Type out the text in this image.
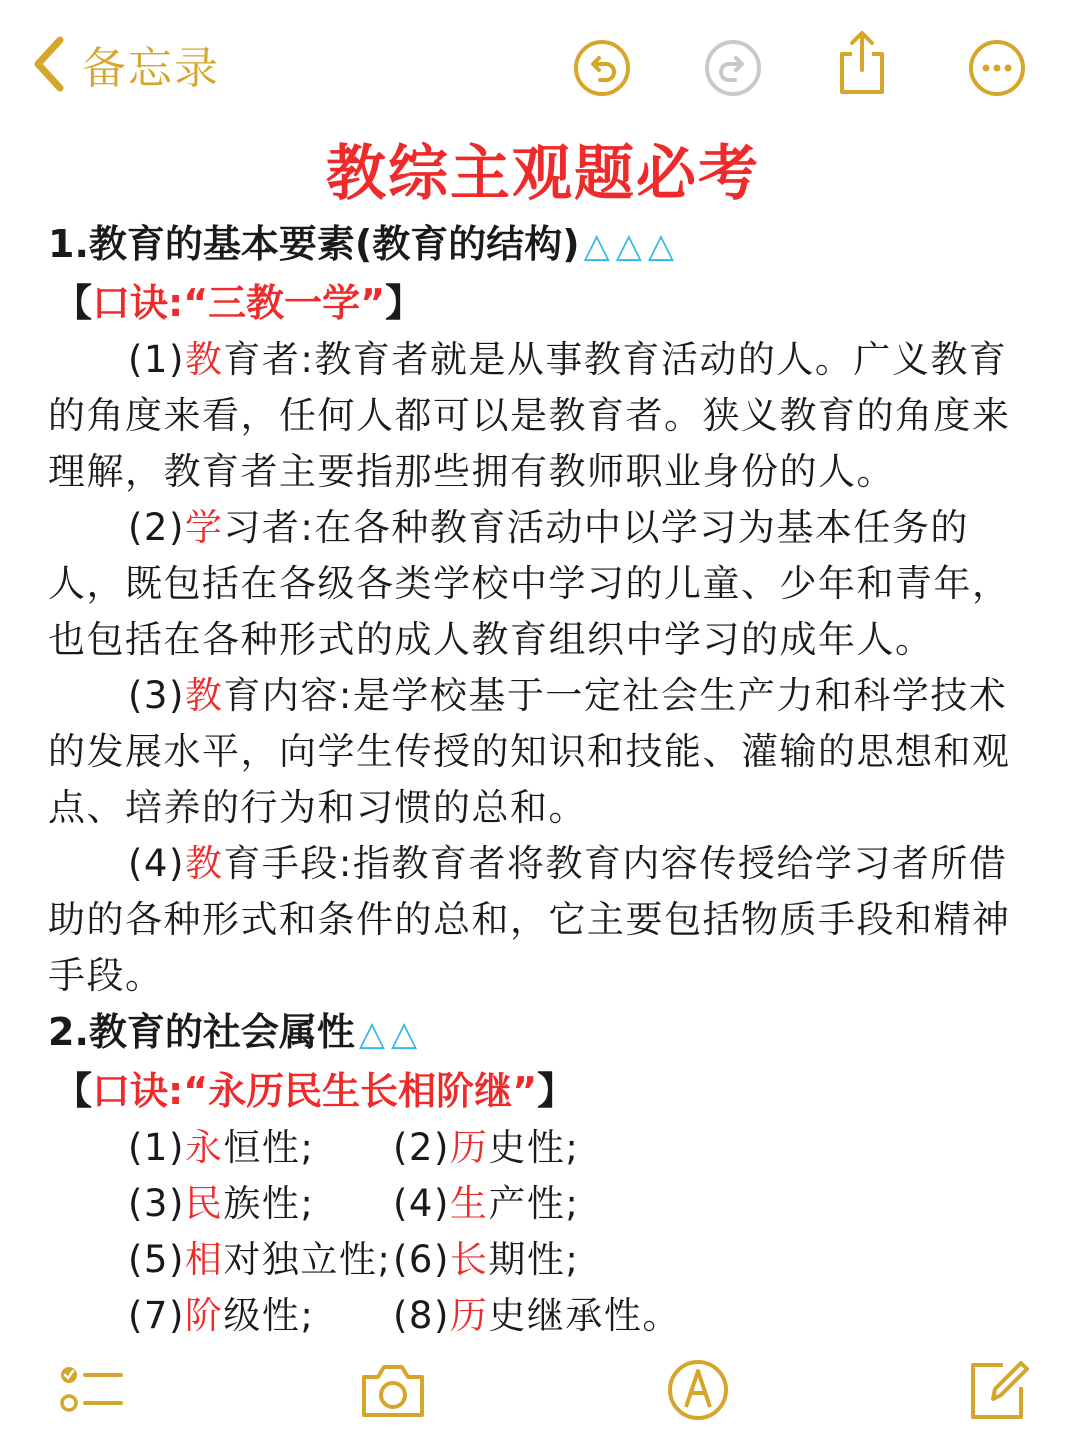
备忘录
教综主观题必考
1.教育的基本要素(教育的结构) △△△
【口诀:“三教一学”】
(1)教育者:教育者就是从事教育活动的人。广义教育的角度来看，任何人都可以是教育者。狭义教育的角度来理解，教育者主要指那些拥有教师职业身份的人。
(2)学习者:在各种教育活动中以学习为基本任务的人，既包括在各级各类学校中学习的儿童、少年和青年，也包括在各种形式的成人教育组织中学习的成年人。
(3)教育内容:是学校基于一定社会生产力和科学技术的发展水平，向学生传授的知识和技能、灌输的思想和观点、培养的行为和习惯的总和。
(4)教育手段:指教育者将教育内容传授给学习者所借助的各种形式和条件的总和，它主要包括物质手段和精神手段。
2.教育的社会属性 △△
【口诀:“永历民生长相阶继”】
(1)永恒性;	(2)历史性;
(3)民族性;	(4)生产性;
(5)相对独立性; (6)长期性;
(7)阶级性;	(8)历史继承性。
